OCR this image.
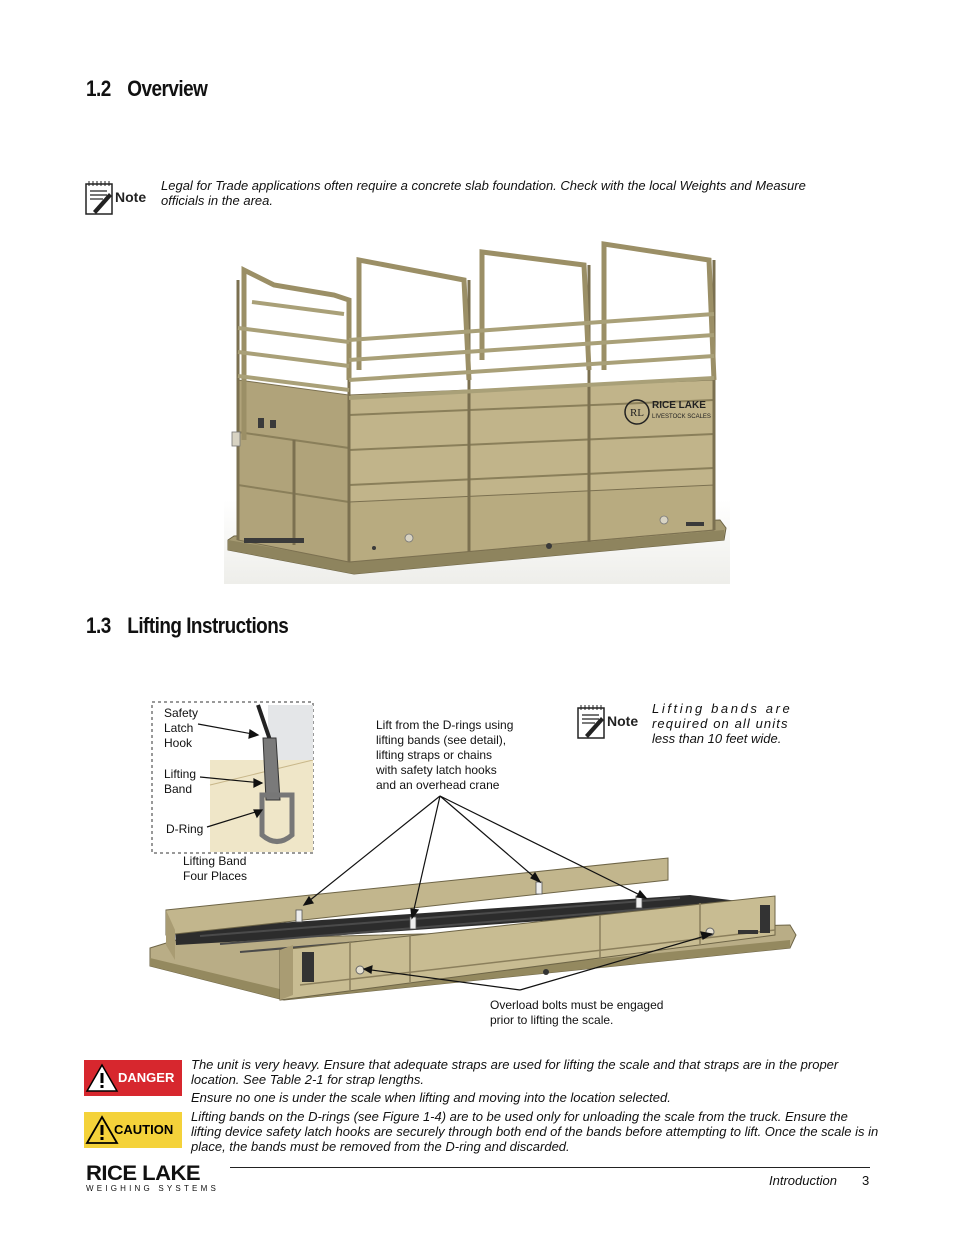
1.2 Overview
Note
Legal for Trade applications often require a concrete slab foundation. Check with the local Weights and Measure officials in the area.
RL
RICE LAKE
LIVESTOCK SCALES
1.3 Lifting Instructions
Safety
Latch
Hook
Lifting
Band
D-Ring
Lifting Band
Four Places
Lift from the D-rings using
lifting bands (see detail),
lifting straps or chains
with safety latch hooks
and an overhead crane
Overload bolts must be engaged
prior to lifting the scale.
Note
Lifting bands are
required on all units
less than 10 feet wide.
DANGER
The unit is very heavy. Ensure that adequate straps are used for lifting the scale and that straps are in the proper location. See Table 2-1 for strap lengths.
Ensure no one is under the scale when lifting and moving into the location selected.
CAUTION
Lifting bands on the D-rings (see Figure 1-4) are to be used only for unloading the scale from the truck. Ensure the lifting device safety latch hooks are securely through both end of the bands before attempting to lift. Once the scale is in place, the bands must be removed from the D-ring and discarded.
RICE LAKE
WEIGHING SYSTEMS
Introduction 3
